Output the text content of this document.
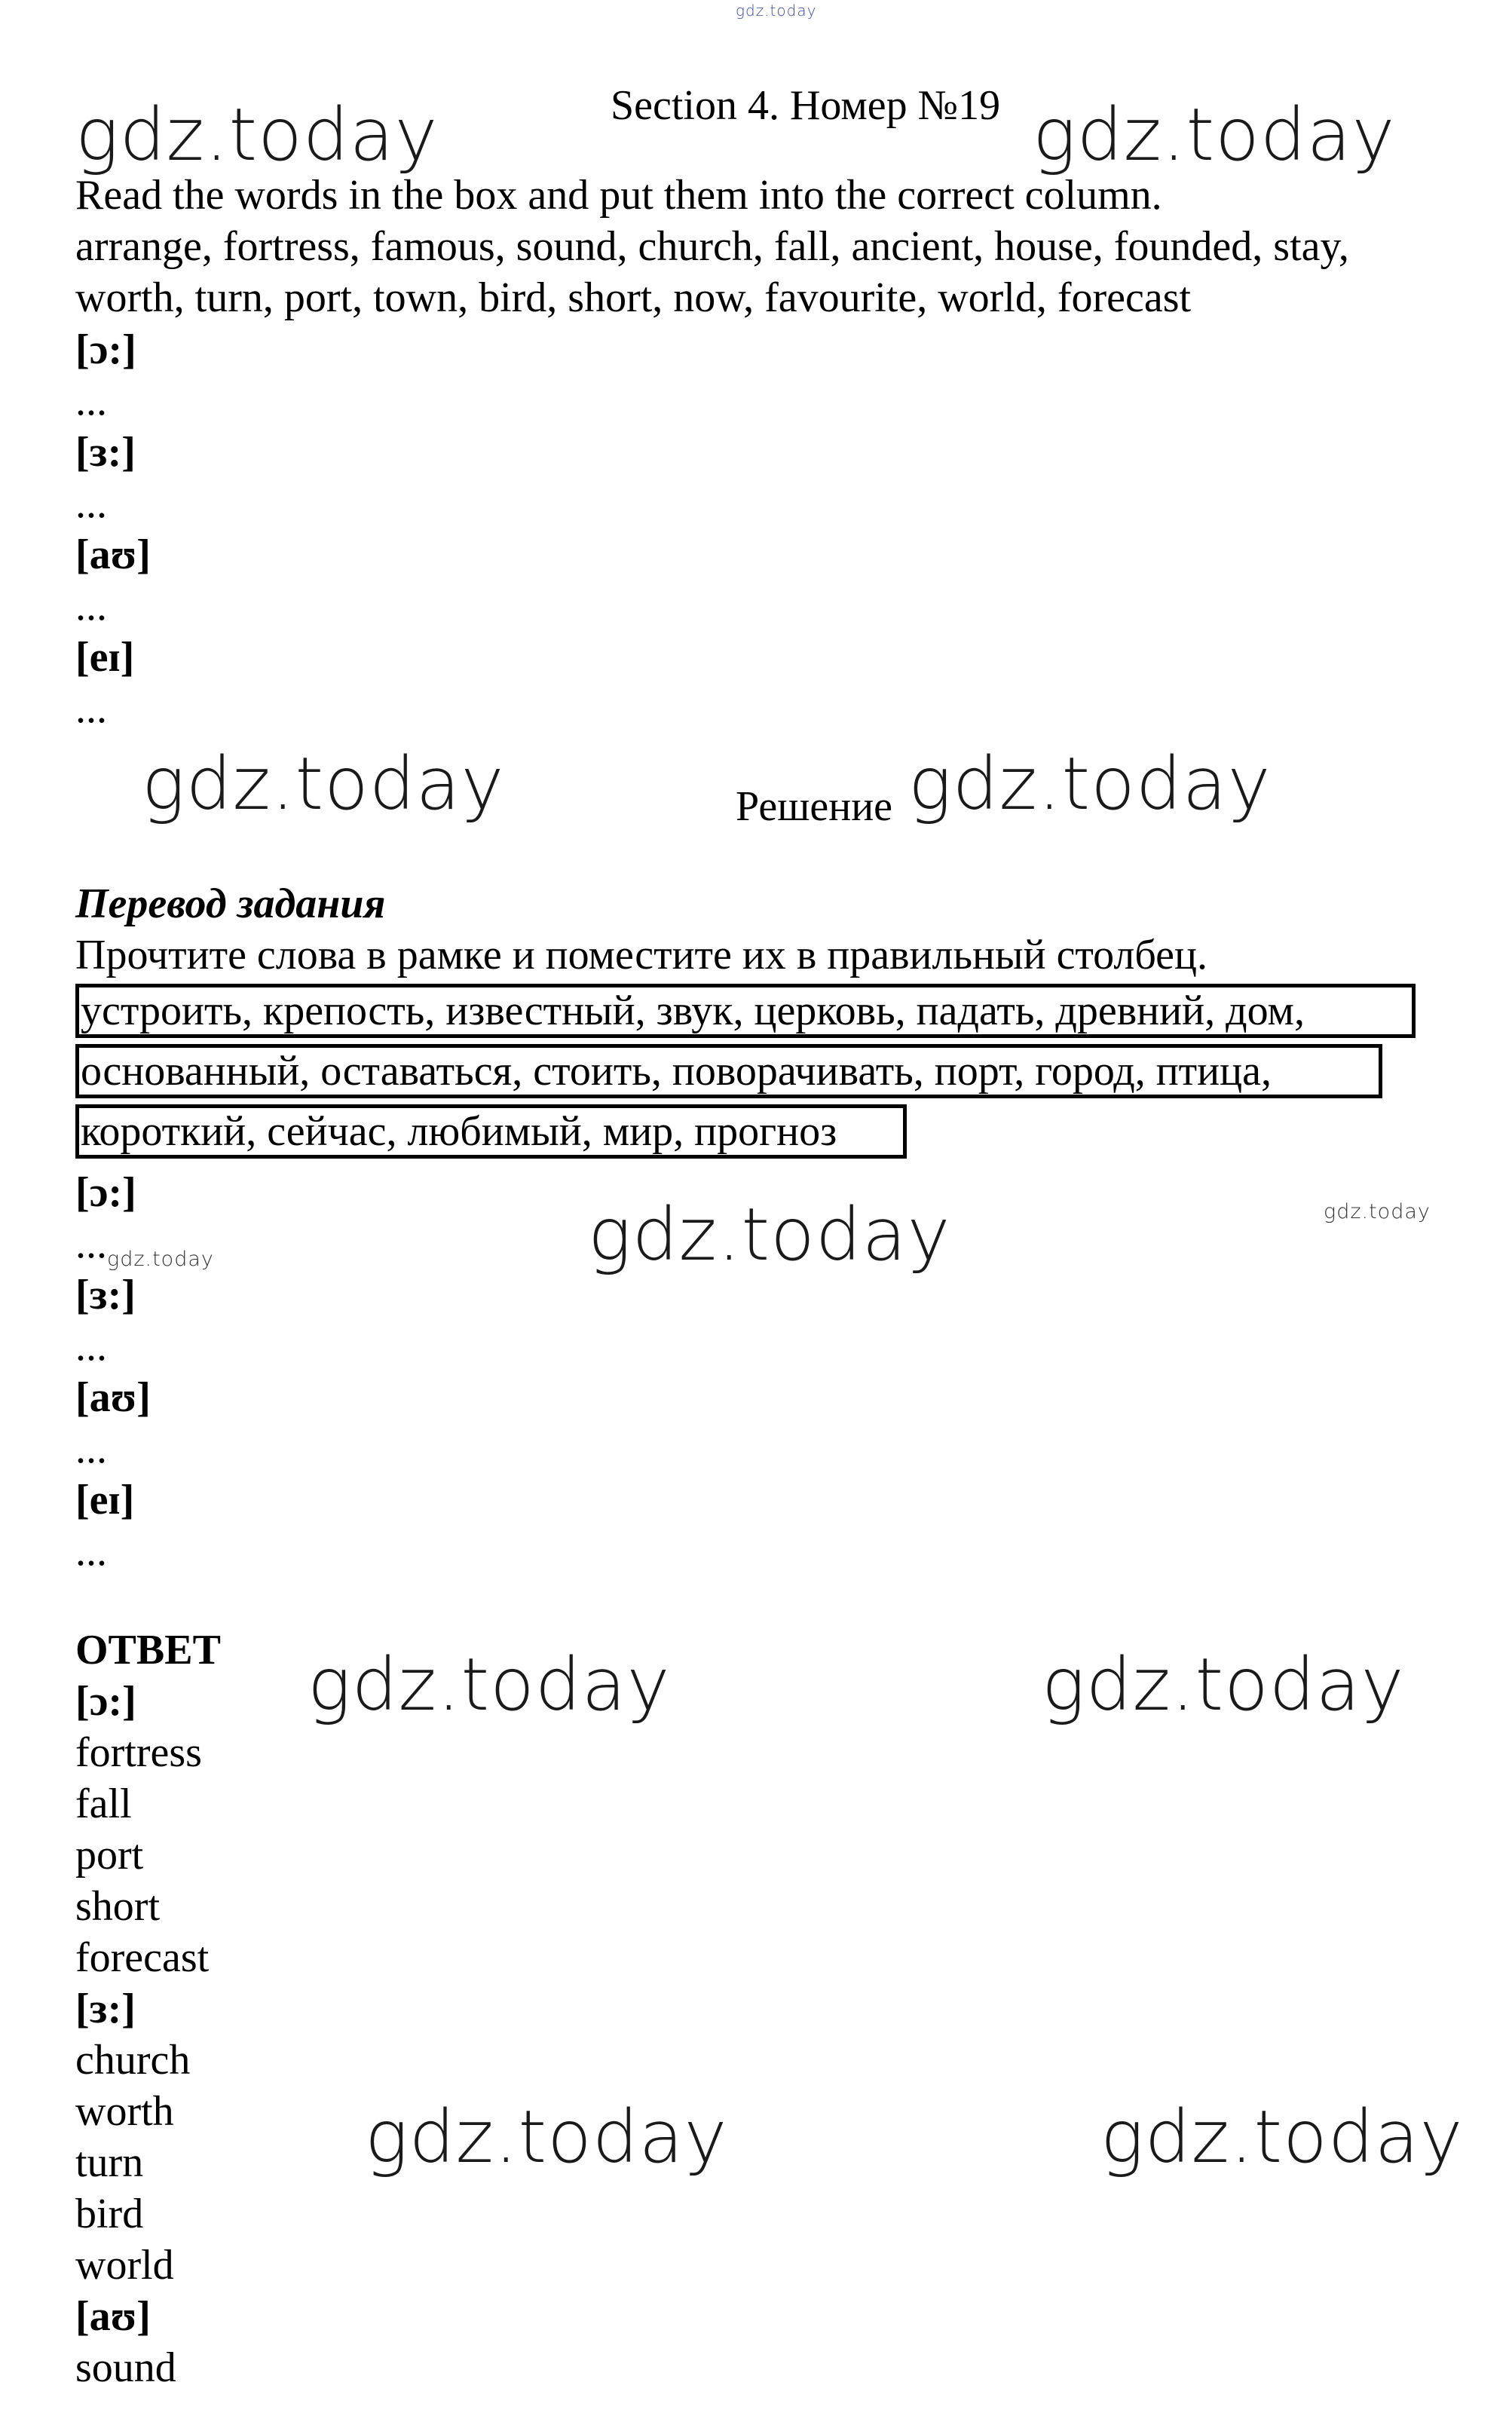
gdz.today
Section 4. Номер №19
gdz.today	gdz.today
Read the words in the box and put them into the correct column.
arrange, fortress, famous, sound, church, fall, ancient, house, founded, stay,
worth, turn, port, town, bird, short, now, favourite, world, forecast
[ɔ:]
...
[ɜ:]
...
[aʊ]
...
[eɪ]
...
gdz.today	Решение gdz.today
Перевод задания
Прочтите слова в рамке и поместите их в правильный столбец.
устроить, крепость, известный, звук, церковь, падать, древний, дом,
основанный, оставаться, стоить, поворачивать, порт, город, птица,
короткий, сейчас, любимый, мир, прогноз
[ɔ:]
... gdz.today	gdz.today	gdz.today
[ɜ:]
...
[aʊ]
...
[eɪ]
...
ОТВЕТ gdz.today	gdz.today
[ɔ:]
fortress
fall
port
short
forecast
[ɜ:]
church
worth
turn
bird
world
gdz.today	gdz.today
[aʊ]
sound
